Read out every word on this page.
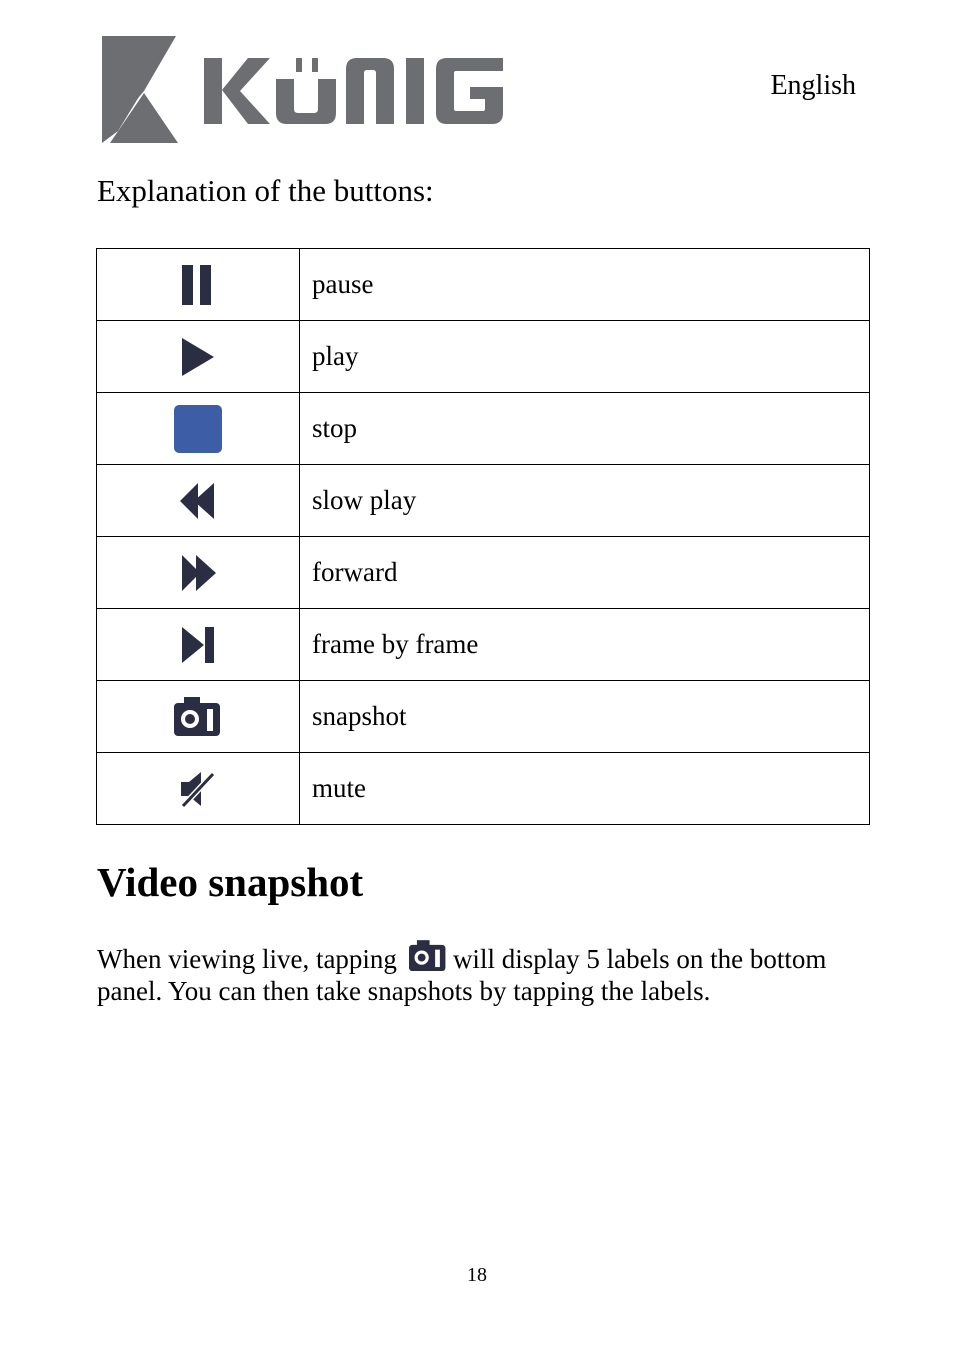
English
Explanation of the buttons:
	pause

	play

	stop

	slow play

	forward

	frame by frame

	snapshot

	mute
Video snapshot

When viewing live, tapping will display 5 labels on the bottom panel. You can then take snapshots by tapping the labels.

18
